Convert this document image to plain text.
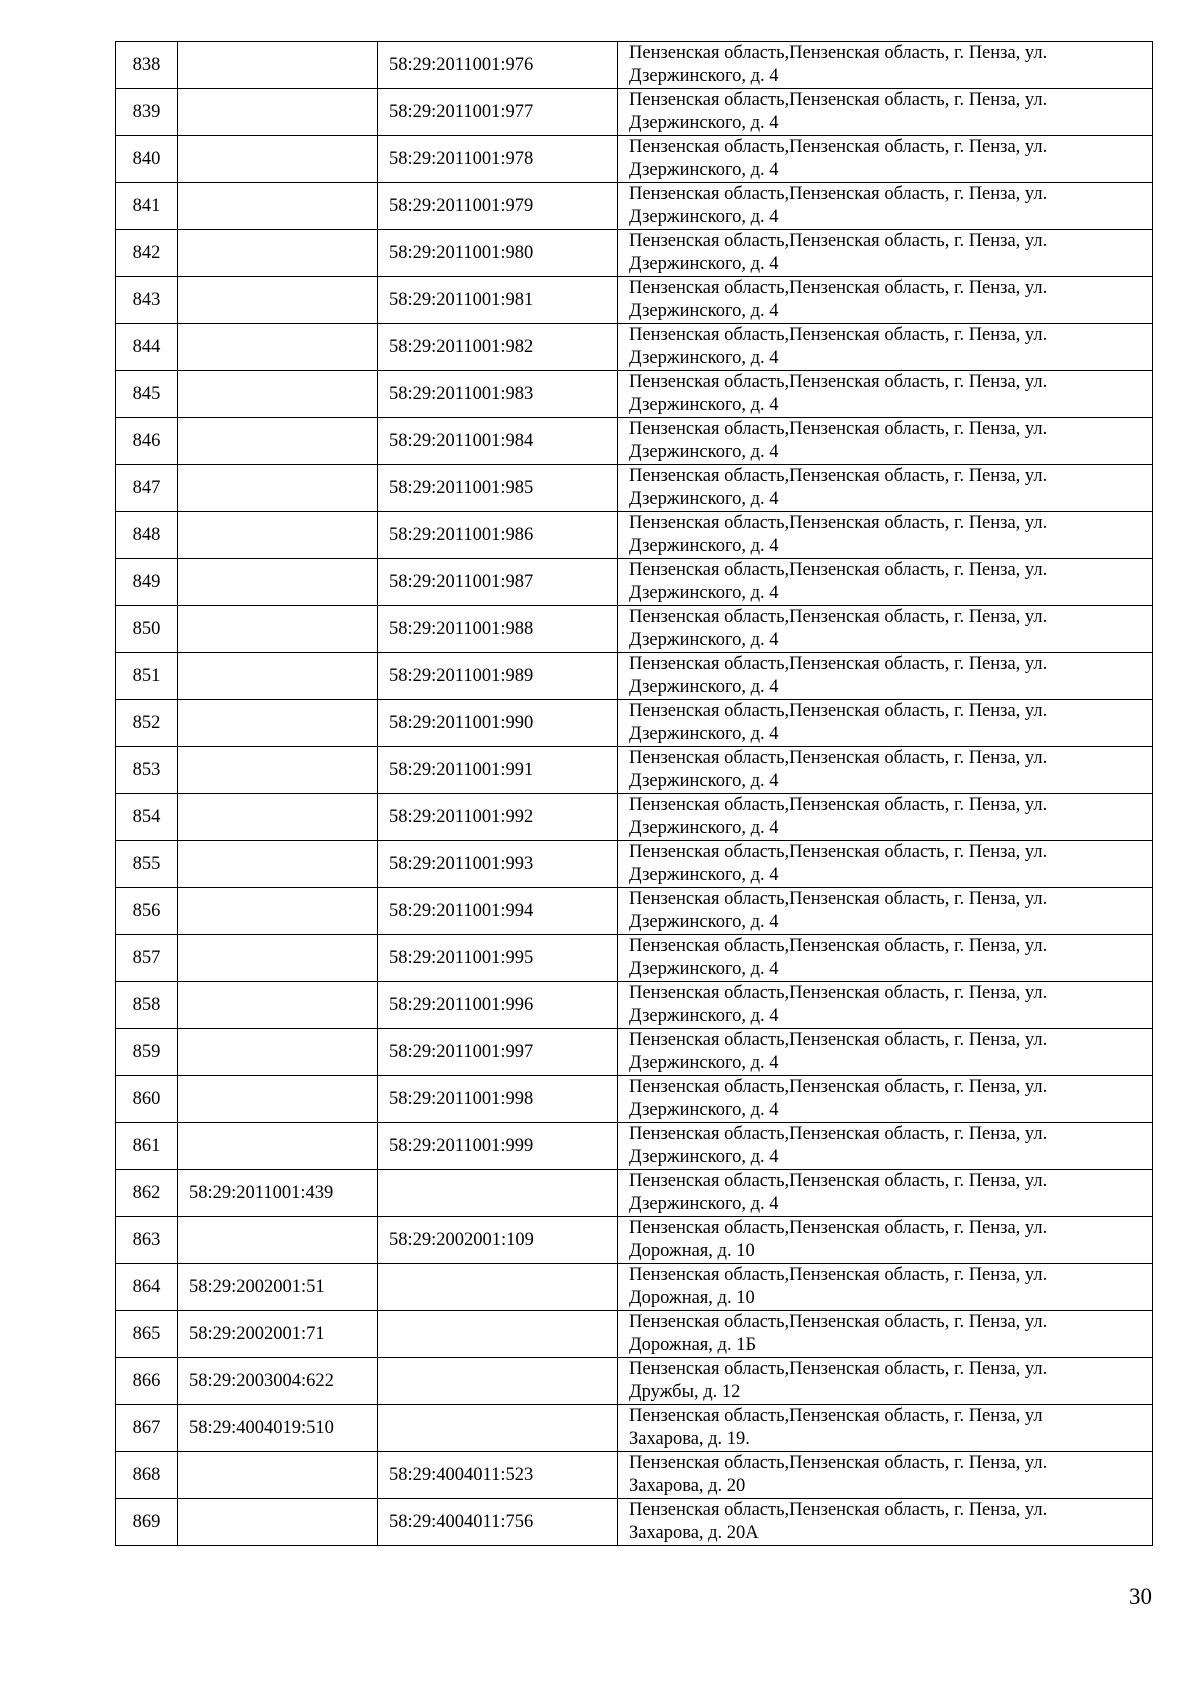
838		58:29:2011001:976	Пензенская область,Пензенская область, г. Пенза, ул.
Дзержинского, д. 4

839		58:29:2011001:977	Пензенская область,Пензенская область, г. Пенза, ул.
Дзержинского, д. 4

840		58:29:2011001:978	Пензенская область,Пензенская область, г. Пенза, ул.
Дзержинского, д. 4

841		58:29:2011001:979	Пензенская область,Пензенская область, г. Пенза, ул.
Дзержинского, д. 4

842		58:29:2011001:980	Пензенская область,Пензенская область, г. Пенза, ул.
Дзержинского, д. 4

843		58:29:2011001:981	Пензенская область,Пензенская область, г. Пенза, ул.
Дзержинского, д. 4

844		58:29:2011001:982	Пензенская область,Пензенская область, г. Пенза, ул.
Дзержинского, д. 4

845		58:29:2011001:983	Пензенская область,Пензенская область, г. Пенза, ул.
Дзержинского, д. 4

846		58:29:2011001:984	Пензенская область,Пензенская область, г. Пенза, ул.
Дзержинского, д. 4

847		58:29:2011001:985	Пензенская область,Пензенская область, г. Пенза, ул.
Дзержинского, д. 4

848		58:29:2011001:986	Пензенская область,Пензенская область, г. Пенза, ул.
Дзержинского, д. 4

849		58:29:2011001:987	Пензенская область,Пензенская область, г. Пенза, ул.
Дзержинского, д. 4

850		58:29:2011001:988	Пензенская область,Пензенская область, г. Пенза, ул.
Дзержинского, д. 4

851		58:29:2011001:989	Пензенская область,Пензенская область, г. Пенза, ул.
Дзержинского, д. 4

852		58:29:2011001:990	Пензенская область,Пензенская область, г. Пенза, ул.
Дзержинского, д. 4

853		58:29:2011001:991	Пензенская область,Пензенская область, г. Пенза, ул.
Дзержинского, д. 4

854		58:29:2011001:992	Пензенская область,Пензенская область, г. Пенза, ул.
Дзержинского, д. 4

855		58:29:2011001:993	Пензенская область,Пензенская область, г. Пенза, ул.
Дзержинского, д. 4

856		58:29:2011001:994	Пензенская область,Пензенская область, г. Пенза, ул.
Дзержинского, д. 4

857		58:29:2011001:995	Пензенская область,Пензенская область, г. Пенза, ул.
Дзержинского, д. 4

858		58:29:2011001:996	Пензенская область,Пензенская область, г. Пенза, ул.
Дзержинского, д. 4

859		58:29:2011001:997	Пензенская область,Пензенская область, г. Пенза, ул.
Дзержинского, д. 4

860		58:29:2011001:998	Пензенская область,Пензенская область, г. Пенза, ул.
Дзержинского, д. 4

861		58:29:2011001:999	Пензенская область,Пензенская область, г. Пенза, ул.
Дзержинского, д. 4

862	58:29:2011001:439		Пензенская область,Пензенская область, г. Пенза, ул.
Дзержинского, д. 4

863		58:29:2002001:109	Пензенская область,Пензенская область, г. Пенза, ул.
Дорожная, д. 10

864	58:29:2002001:51		Пензенская область,Пензенская область, г. Пенза, ул.
Дорожная, д. 10

865	58:29:2002001:71		Пензенская область,Пензенская область, г. Пенза, ул.
Дорожная, д. 1Б

866	58:29:2003004:622		Пензенская область,Пензенская область, г. Пенза, ул.
Дружбы, д. 12

867	58:29:4004019:510		Пензенская область,Пензенская область, г. Пенза, ул
Захарова, д. 19.

868		58:29:4004011:523	Пензенская область,Пензенская область, г. Пенза, ул.
Захарова, д. 20

869		58:29:4004011:756	Пензенская область,Пензенская область, г. Пенза, ул.
Захарова, д. 20А
30
